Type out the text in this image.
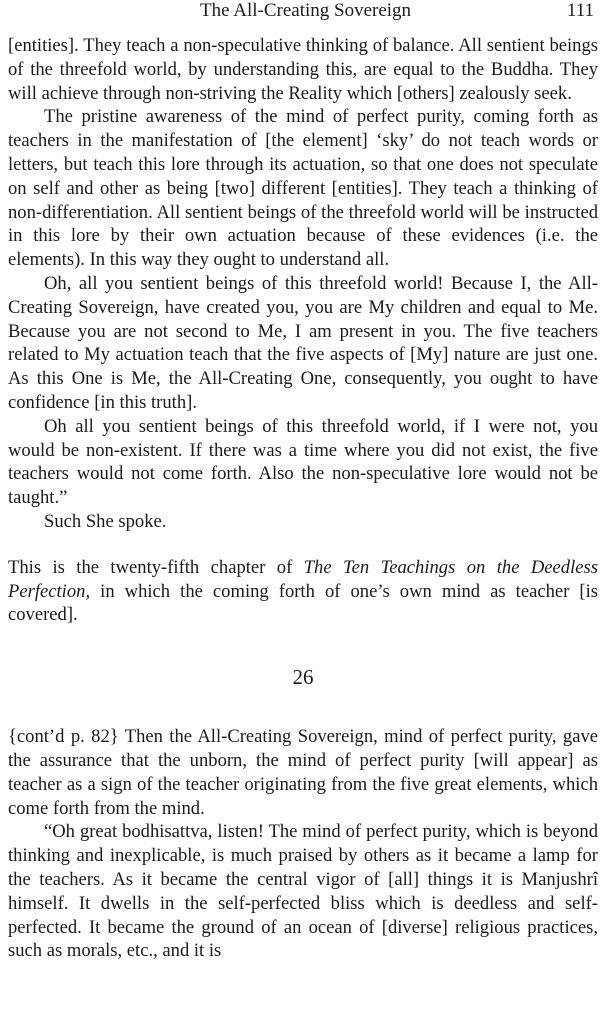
The All-Creating Sovereign	111

[entities]. They teach a non-speculative thinking of balance. All sentient beings of the threefold world, by understanding this, are equal to the Buddha. They will achieve through non-striving the Reality which [others] zealously seek.

The pristine awareness of the mind of perfect purity, coming forth as teachers in the manifestation of [the element] ‘sky’ do not teach words or letters, but teach this lore through its actuation, so that one does not speculate on self and other as being [two] different [entities]. They teach a thinking of non-differentiation. All sentient beings of the threefold world will be instructed in this lore by their own actuation because of these evidences (i.e. the elements). In this way they ought to understand all.

Oh, all you sentient beings of this threefold world! Because I, the All-Creating Sovereign, have created you, you are My children and equal to Me. Because you are not second to Me, I am present in you. The five teachers related to My actuation teach that the five aspects of [My] nature are just one. As this One is Me, the All-Creating One, consequently, you ought to have confidence [in this truth].

Oh all you sentient beings of this threefold world, if I were not, you would be non-existent. If there was a time where you did not exist, the five teachers would not come forth. Also the non-speculative lore would not be taught.”

Such She spoke.

This is the twenty-fifth chapter of The Ten Teachings on the Deedless Perfection, in which the coming forth of one’s own mind as teacher [is covered].

26

{cont’d p. 82} Then the All-Creating Sovereign, mind of perfect purity, gave the assurance that the unborn, the mind of perfect purity [will appear] as teacher as a sign of the teacher originating from the five great elements, which come forth from the mind.

“Oh great bodhisattva, listen! The mind of perfect purity, which is beyond thinking and inexplicable, is much praised by others as it became a lamp for the teachers. As it became the central vigor of [all] things it is Manjushrî himself. It dwells in the self-perfected bliss which is deedless and self-perfected. It became the ground of an ocean of [diverse] religious practices, such as morals, etc., and it is
